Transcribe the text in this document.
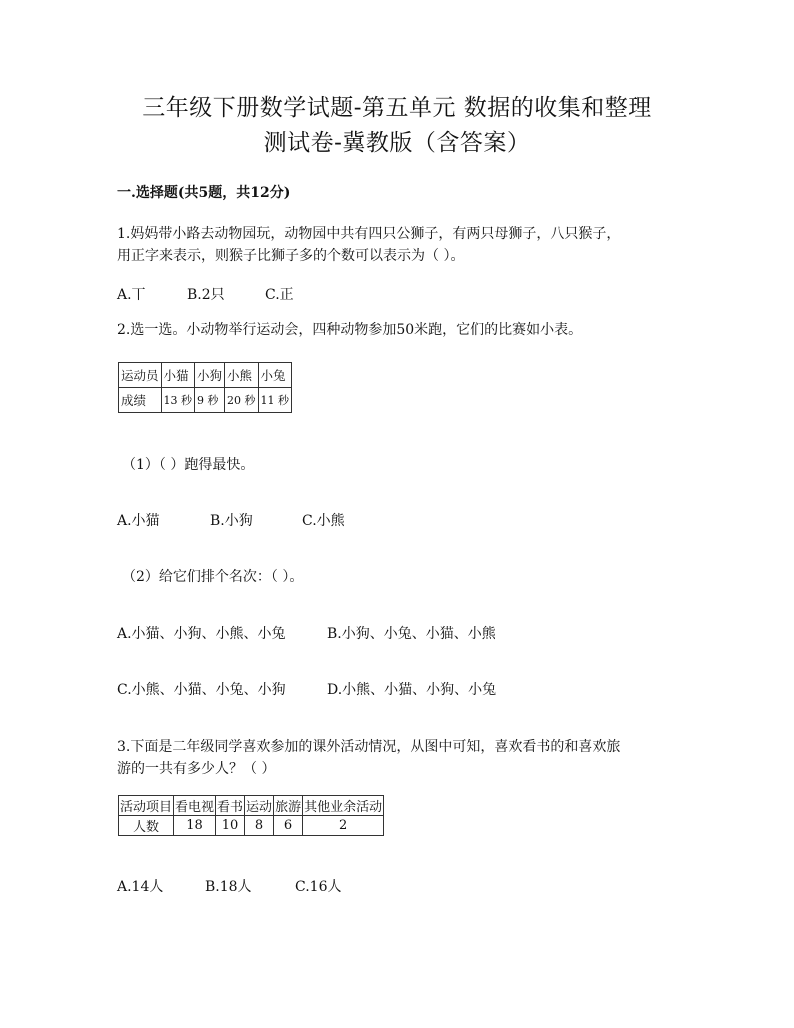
三年级下册数学试题-第五单元 数据的收集和整理
测试卷-冀教版（含答案）
一.选择题(共5题，共12分)
1.妈妈带小路去动物园玩，动物园中共有四只公狮子，有两只母狮子，八只猴子，
用正字来表示，则猴子比狮子多的个数可以表示为（ ）。
A.丅	B.2只	C.正
2.选一选。小动物举行运动会，四种动物参加50米跑，它们的比赛如小表。
运动员	小猫	小狗	小熊	小兔
成绩	13 秒	9 秒	20 秒	11 秒
（1）（ ）跑得最快。
A.小猫	B.小狗	C.小熊
（2）给它们排个名次：（ ）。
A.小猫、小狗、小熊、小兔	B.小狗、小兔、小猫、小熊
C.小熊、小猫、小兔、小狗	D.小熊、小猫、小狗、小兔
3.下面是二年级同学喜欢参加的课外活动情况，从图中可知，喜欢看书的和喜欢旅
游的一共有多少人？（ ）
活动项目	看电视	看书	运动	旅游	其他业余活动
人数	18	10	8	6	2
A.14人	B.18人	C.16人
